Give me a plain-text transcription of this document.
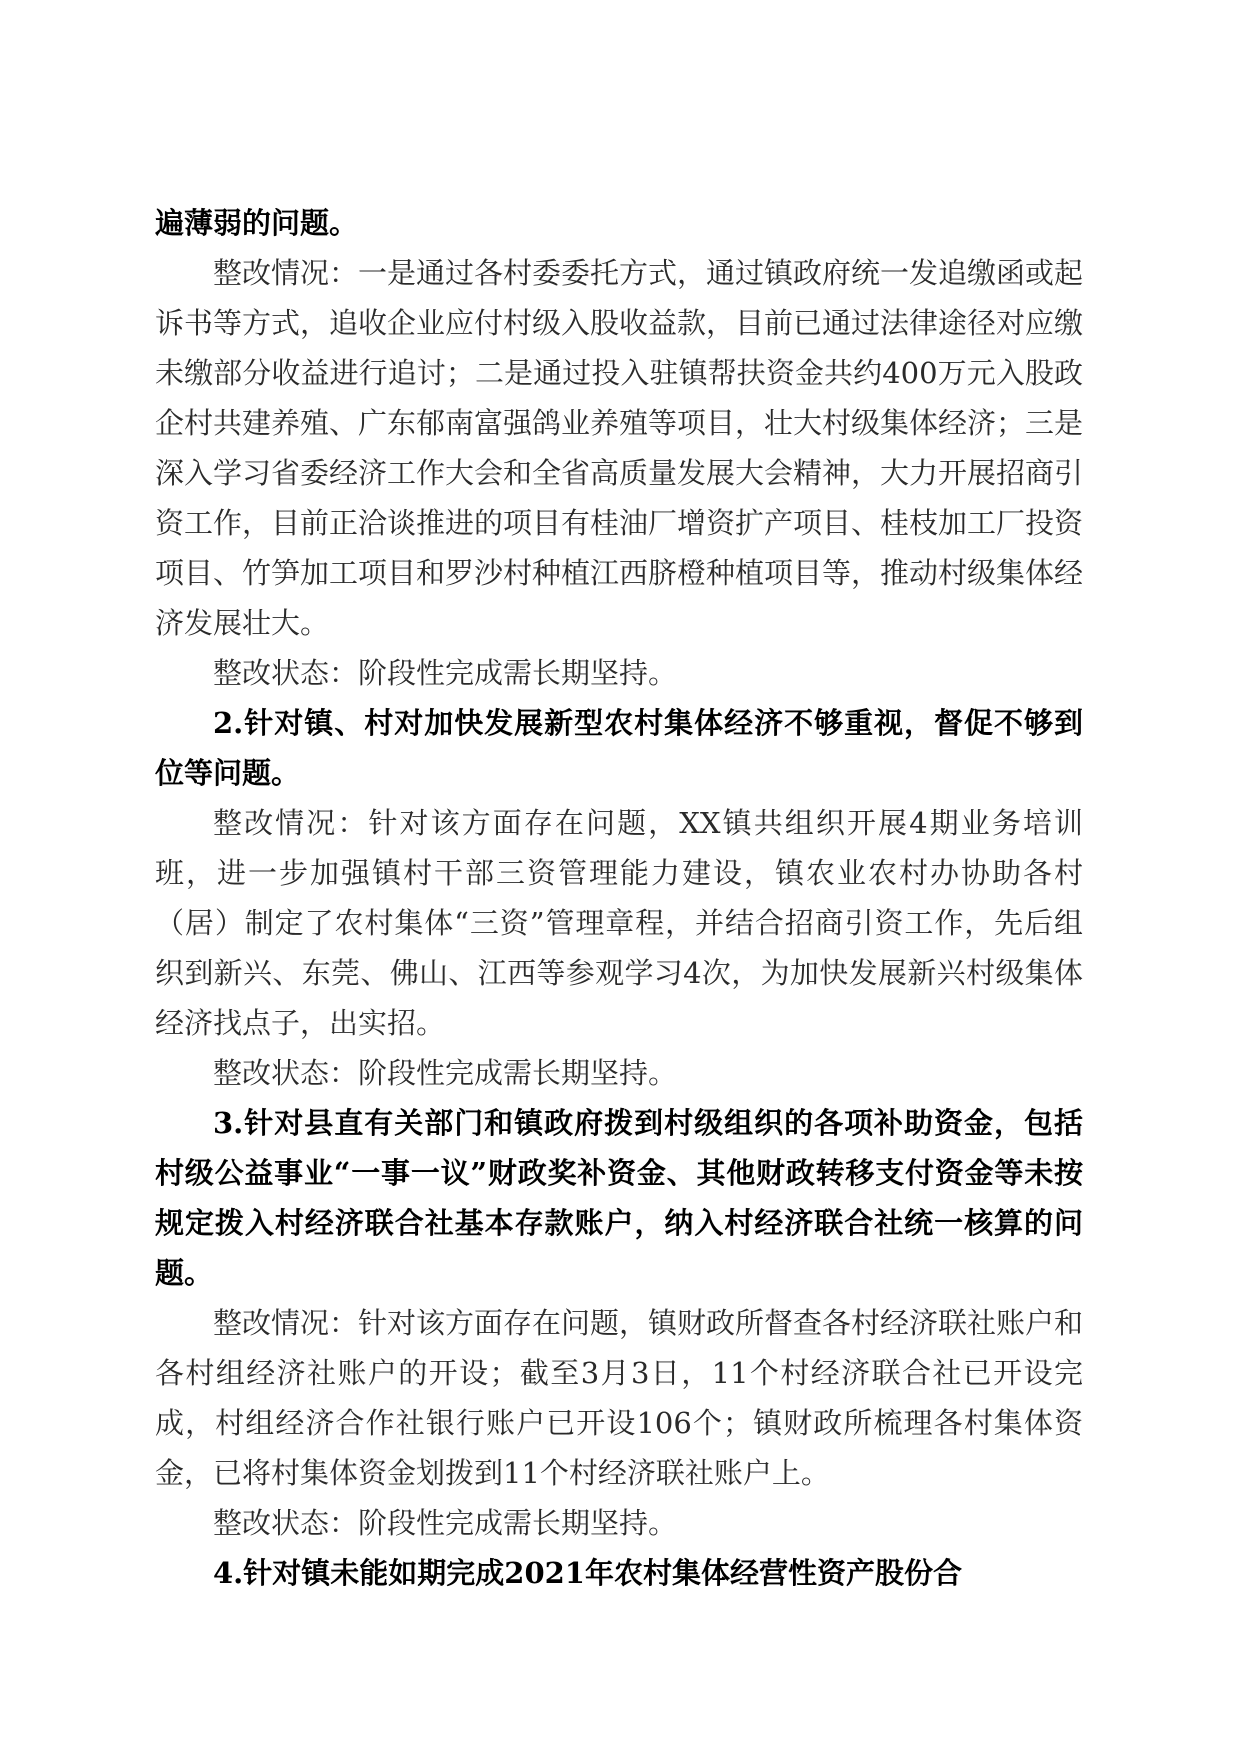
遍薄弱的问题。

整改情况：一是通过各村委委托方式，通过镇政府统一发追缴函或起诉书等方式，追收企业应付村级入股收益款，目前已通过法律途径对应缴未缴部分收益进行追讨；二是通过投入驻镇帮扶资金共约400万元入股政企村共建养殖、广东郁南富强鸽业养殖等项目，壮大村级集体经济；三是深入学习省委经济工作大会和全省高质量发展大会精神，大力开展招商引资工作，目前正洽谈推进的项目有桂油厂增资扩产项目、桂枝加工厂投资项目、竹笋加工项目和罗沙村种植江西脐橙种植项目等，推动村级集体经济发展壮大。

整改状态：阶段性完成需长期坚持。

2.针对镇、村对加快发展新型农村集体经济不够重视，督促不够到位等问题。

整改情况：针对该方面存在问题，XX镇共组织开展4期业务培训班，进一步加强镇村干部三资管理能力建设，镇农业农村办协助各村（居）制定了农村集体“三资”管理章程，并结合招商引资工作，先后组织到新兴、东莞、佛山、江西等参观学习4次，为加快发展新兴村级集体经济找点子，出实招。

整改状态：阶段性完成需长期坚持。

3.针对县直有关部门和镇政府拨到村级组织的各项补助资金，包括村级公益事业“一事一议”财政奖补资金、其他财政转移支付资金等未按规定拨入村经济联合社基本存款账户，纳入村经济联合社统一核算的问题。

整改情况：针对该方面存在问题，镇财政所督查各村经济联社账户和各村组经济社账户的开设；截至3月3日，11个村经济联合社已开设完成，村组经济合作社银行账户已开设106个；镇财政所梳理各村集体资金，已将村集体资金划拨到11个村经济联社账户上。

整改状态：阶段性完成需长期坚持。

4.针对镇未能如期完成2021年农村集体经营性资产股份合
